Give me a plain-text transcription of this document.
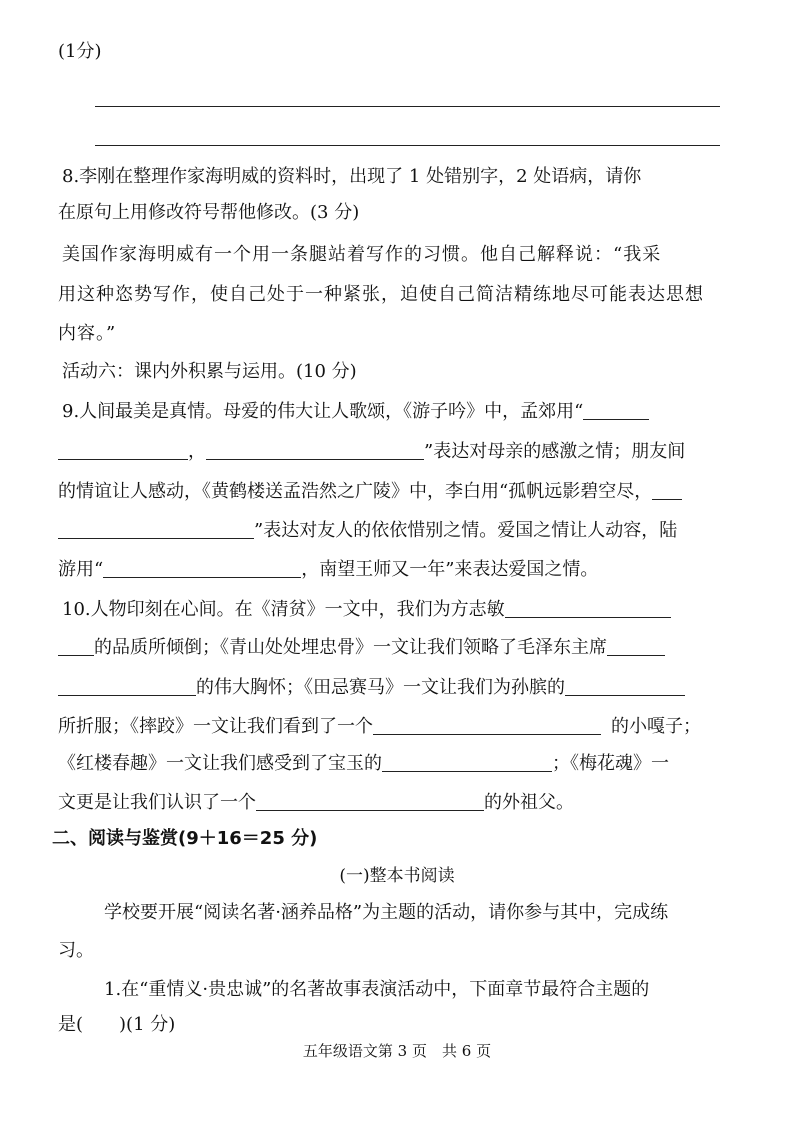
(1分)
8.李刚在整理作家海明威的资料时，出现了 1 处错别字，2 处语病，请你
在原句上用修改符号帮他修改。(3 分)
美国作家海明威有一个用一条腿站着写作的习惯。他自己解释说：“我采
用这种恣势写作，使自己处于一种紧张，迫使自己简洁精练地尽可能表达思想
内容。”
活动六：课内外积累与运用。(10 分)
9.人间最美是真情。母爱的伟大让人歌颂，《游子吟》中，孟郊用“
，	”表达对母亲的感激之情；朋友间
的情谊让人感动，《黄鹤楼送孟浩然之广陵》中，李白用“孤帆远影碧空尽，
”表达对友人的依依惜别之情。爱国之情让人动容，陆
游用“	，南望王师又一年”来表达爱国之情。
10.人物印刻在心间。在《清贫》一文中，我们为方志敏
的品质所倾倒；《青山处处埋忠骨》一文让我们领略了毛泽东主席
的伟大胸怀；《田忌赛马》一文让我们为孙膑的
所折服；《摔跤》一文让我们看到了一个	的小嘎子；
《红楼春趣》一文让我们感受到了宝玉的	；《梅花魂》一
文更是让我们认识了一个	的外祖父。
二、阅读与鉴赏(9＋16＝25 分)
(一)整本书阅读
学校要开展“阅读名著·涵养品格”为主题的活动，请你参与其中，完成练
习。
1.在“重情义·贵忠诚”的名著故事表演活动中，下面章节最符合主题的
是(　　)(1 分)
五年级语文第 3 页　共 6 页
